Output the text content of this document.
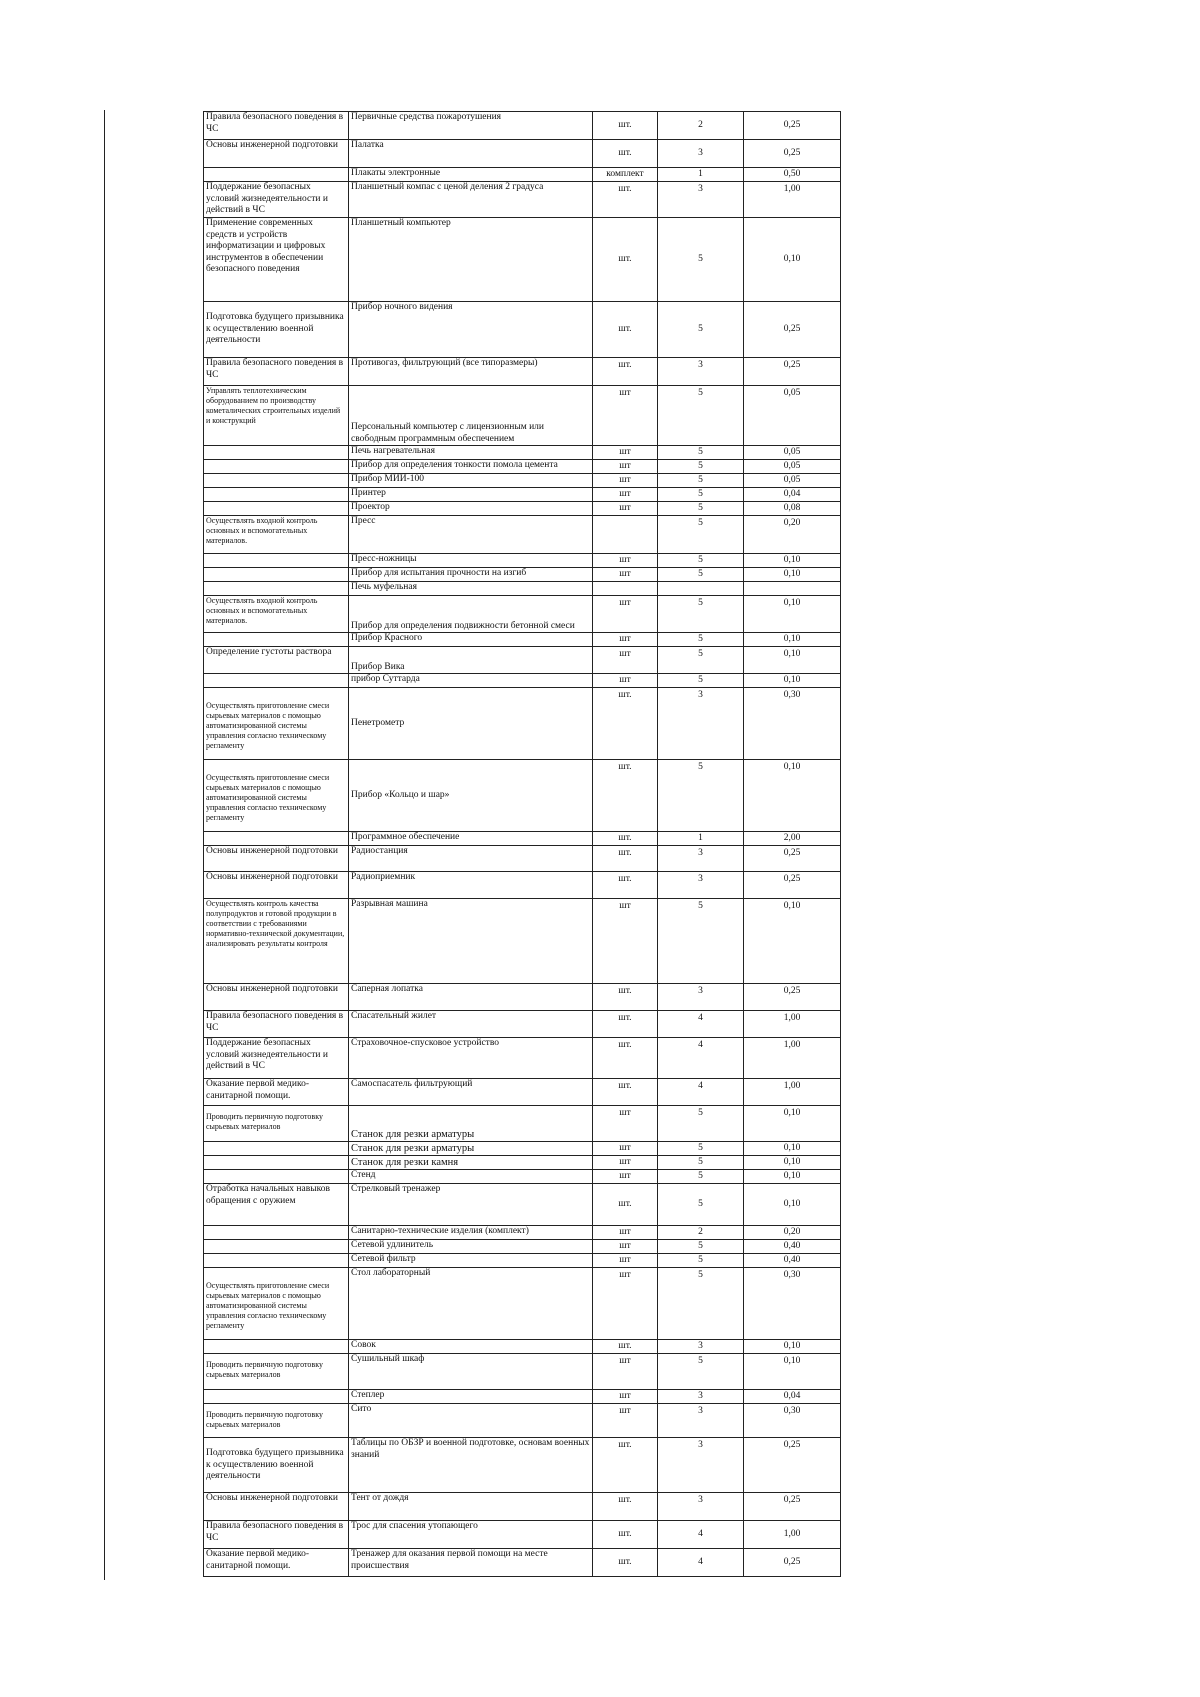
Правила безопасного поведения в ЧС	Первичные средства пожаротушения	шт.	2	0,25
Основы инженерной подготовки	Палатка	шт.	3	0,25
	Плакаты электронные	комплект	1	0,50
Поддержание безопасных условий жизнедеятельности и действий в ЧС	Планшетный компас с ценой деления 2 градуса	шт.	3	1,00
Применение современных средств и устройств информатизации и цифровых инструментов в обеспечении безопасного поведения	Планшетный компьютер	шт.	5	0,10
Подготовка будущего призывника к осуществлению военной деятельности	Прибор ночного видения	шт.	5	0,25
Правила безопасного поведения в ЧС	Противогаз, фильтрующий (все типоразмеры)	шт.	3	0,25
Управлять теплотехническим оборудованием по производству кометалических строительных изделий и конструкций	Персональный компьютер с лицензионным или свободным программным обеспечением	шт	5	0,05
	Печь нагревательная	шт	5	0,05
	Прибор для определения тонкости помола цемента	шт	5	0,05
	Прибор МИИ-100	шт	5	0,05
	Принтер	шт	5	0,04
	Проектор	шт	5	0,08
Осуществлять входной контроль основных и вспомогательных материалов.	Пресс		5	0,20
	Пресс-ножницы	шт	5	0,10
	Прибор для испытания прочности на изгиб	шт	5	0,10
	Печь муфельная			
Осуществлять входной контроль основных и вспомогательных материалов.	Прибор для определения подвижности бетонной смеси	шт	5	0,10
	Прибор Красного	шт	5	0,10
Определение густоты раствора	Прибор Вика	шт	5	0,10
	прибор Суттарда	шт	5	0,10
Осуществлять приготовление смеси сырьевых материалов с помощью автоматизированной системы управления согласно техническому регламенту	Пенетрометр	шт.	3	0,30
Осуществлять приготовление смеси сырьевых материалов с помощью автоматизированной системы управления согласно техническому регламенту	Прибор «Кольцо и шар»	шт.	5	0,10
	Программное обеспечение	шт.	1	2,00
Основы инженерной подготовки	Радиостанция	шт.	3	0,25
Основы инженерной подготовки	Радиоприемник	шт.	3	0,25
Осуществлять контроль качества полупродуктов и готовой продукции в соответствии с требованиями нормативно-технической документации, анализировать результаты контроля	Разрывная машина	шт	5	0,10
Основы инженерной подготовки	Саперная лопатка	шт.	3	0,25
Правила безопасного поведения в ЧС	Спасательный жилет	шт.	4	1,00
Поддержание безопасных условий жизнедеятельности и действий в ЧС	Страховочное-спусковое устройство	шт.	4	1,00
Оказание первой медико-санитарной помощи.	Самоспасатель фильтрующий	шт.	4	1,00
Проводить первичную подготовку сырьевых материалов	Станок для резки арматуры	шт	5	0,10
	Станок для резки арматуры	шт	5	0,10
	Станок для резки камня	шт	5	0,10
	Стенд	шт	5	0,10
Отработка начальных навыков обращения с оружием	Стрелковый тренажер	шт.	5	0,10
	Санитарно-технические изделия (комплект)	шт	2	0,20
	Сетевой удлинитель	шт	5	0,40
	Сетевой фильтр	шт	5	0,40
Осуществлять приготовление смеси сырьевых материалов с помощью автоматизированной системы управления согласно техническому регламенту	Стол лабораторный	шт	5	0,30
	Совок	шт.	3	0,10
Проводить первичную подготовку сырьевых материалов	Сушильный шкаф	шт	5	0,10
	Степлер	шт	3	0,04
Проводить первичную подготовку сырьевых материалов	Сито	шт	3	0,30
Подготовка будущего призывника к осуществлению военной деятельности	Таблицы по ОБЗР и военной подготовке, основам военных знаний	шт.	3	0,25
Основы инженерной подготовки	Тент от дождя	шт.	3	0,25
Правила безопасного поведения в ЧС	Трос для спасения утопающего	шт.	4	1,00
Оказание первой медико-санитарной помощи.	Тренажер для оказания первой помощи на месте происшествия	шт.	4	0,25
